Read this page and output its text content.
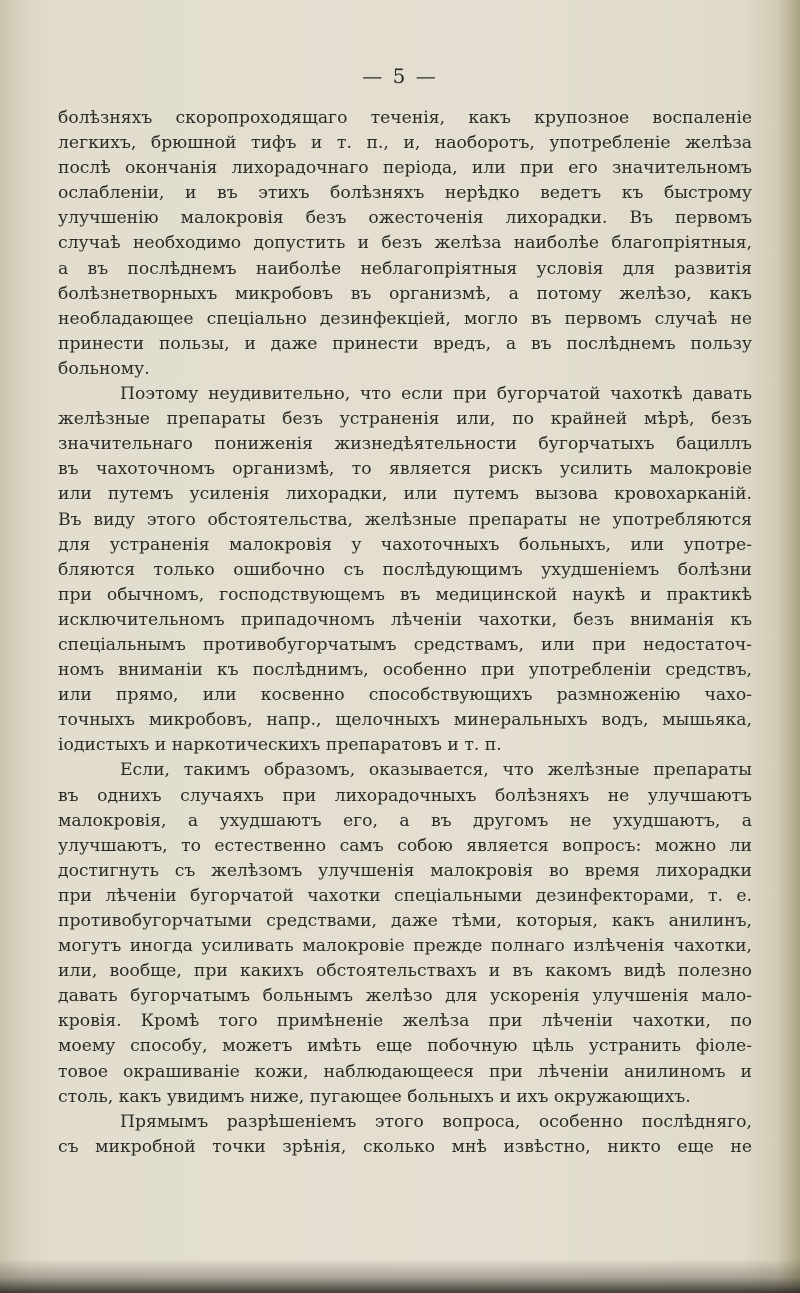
— 5 —
болѣзняхъ скоропроходящаго теченія, какъ крупозное воспаленіе
легкихъ, брюшной тифъ и т. п., и, наоборотъ, употребленіе желѣза
послѣ окончанія лихорадочнаго періода, или при его значительномъ
ослабленіи, и въ этихъ болѣзняхъ нерѣдко ведетъ къ быстрому
улучшенію малокровія безъ ожесточенія лихорадки. Въ первомъ
случаѣ необходимо допустить и безъ желѣза наиболѣе благопріятныя,
а въ послѣднемъ наиболѣе неблагопріятныя условія для развитія
болѣзнетворныхъ микробовъ въ организмѣ, а потому желѣзо, какъ
необладающее спеціально дезинфекціей, могло въ первомъ случаѣ не
принести пользы, и даже принести вредъ, а въ послѣднемъ пользу
больному.
Поэтому неудивительно, что если при бугорчатой чахоткѣ давать
желѣзные препараты безъ устраненія или, по крайней мѣрѣ, безъ
значительнаго пониженія жизнедѣятельности бугорчатыхъ бациллъ
въ чахоточномъ организмѣ, то является рискъ усилить малокровіе
или путемъ усиленія лихорадки, или путемъ вызова кровохарканій.
Въ виду этого обстоятельства, желѣзные препараты не употребляются
для устраненія малокровія у чахоточныхъ больныхъ, или употре-
бляются только ошибочно съ послѣдующимъ ухудшеніемъ болѣзни
при обычномъ, господствующемъ въ медицинской наукѣ и практикѣ
исключительномъ припадочномъ лѣченіи чахотки, безъ вниманія къ
спеціальнымъ противобугорчатымъ средствамъ, или при недостаточ-
номъ вниманіи къ послѣднимъ, особенно при употребленіи средствъ,
или прямо, или косвенно способствующихъ размноженію чахо-
точныхъ микробовъ, напр., щелочныхъ минеральныхъ водъ, мышьяка,
іодистыхъ и наркотическихъ препаратовъ и т. п.
Если, такимъ образомъ, оказывается, что желѣзные препараты
въ однихъ случаяхъ при лихорадочныхъ болѣзняхъ не улучшаютъ
малокровія, а ухудшаютъ его, а въ другомъ не ухудшаютъ, а
улучшаютъ, то естественно самъ собою является вопросъ: можно ли
достигнуть съ желѣзомъ улучшенія малокровія во время лихорадки
при лѣченіи бугорчатой чахотки спеціальными дезинфекторами, т. е.
противобугорчатыми средствами, даже тѣми, которыя, какъ анилинъ,
могутъ иногда усиливать малокровіе прежде полнаго излѣченія чахотки,
или, вообще, при какихъ обстоятельствахъ и въ какомъ видѣ полезно
давать бугорчатымъ больнымъ желѣзо для ускоренія улучшенія мало-
кровія. Кромѣ того примѣненіе желѣза при лѣченіи чахотки, по
моему способу, можетъ имѣть еще побочную цѣль устранить фіоле-
товое окрашиваніе кожи, наблюдающееся при лѣченіи анилиномъ и
столь, какъ увидимъ ниже, пугающее больныхъ и ихъ окружающихъ.
Прямымъ разрѣшеніемъ этого вопроса, особенно послѣдняго,
съ микробной точки зрѣнія, сколько мнѣ извѣстно, никто еще не
